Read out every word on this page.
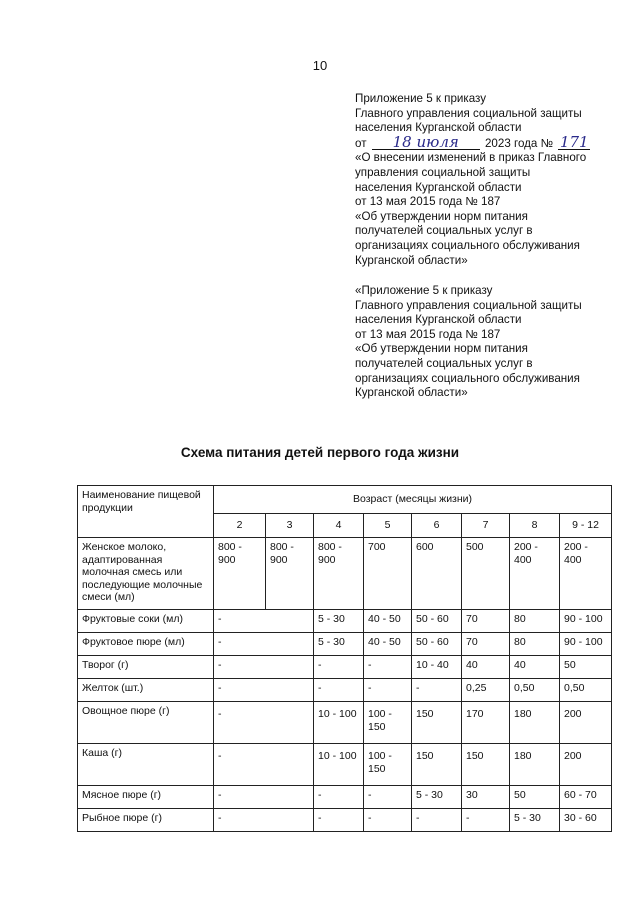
10
Приложение 5 к приказу
Главного управления социальной защиты
населения Курганской области
от 18 июля 2023 года № 171
«О внесении изменений в приказ Главного
управления социальной защиты
населения Курганской области
от 13 мая 2015 года № 187
«Об утверждении норм питания
получателей социальных услуг в
организациях социального обслуживания
Курганской области»
«Приложение 5 к приказу
Главного управления социальной защиты
населения Курганской области
от 13 мая 2015 года № 187
«Об утверждении норм питания
получателей социальных услуг в
организациях социального обслуживания
Курганской области»
Схема питания детей первого года жизни
Наименование пищевой продукции	Возраст (месяцы жизни)							
	2	3	4	5	6	7	8	9 - 12
Женское молоко, адаптированная молочная смесь или последующие молочные смеси (мл)	800 - 900	800 - 900	800 - 900	700	600	500	200 - 400	200 - 400
Фруктовые соки (мл)	-		5 - 30	40 - 50	50 - 60	70	80	90 - 100
Фруктовое пюре (мл)	-		5 - 30	40 - 50	50 - 60	70	80	90 - 100
Творог (г)	-		-	-	10 - 40	40	40	50
Желток (шт.)	-		-	-	-	0,25	0,50	0,50
Овощное пюре (г)	-		10 - 100	100 - 150	150	170	180	200
Каша (г)	-		10 - 100	100 - 150	150	150	180	200
Мясное пюре (г)	-		-	-	5 - 30	30	50	60 - 70
Рыбное пюре (г)	-		-	-	-	-	5 - 30	30 - 60
